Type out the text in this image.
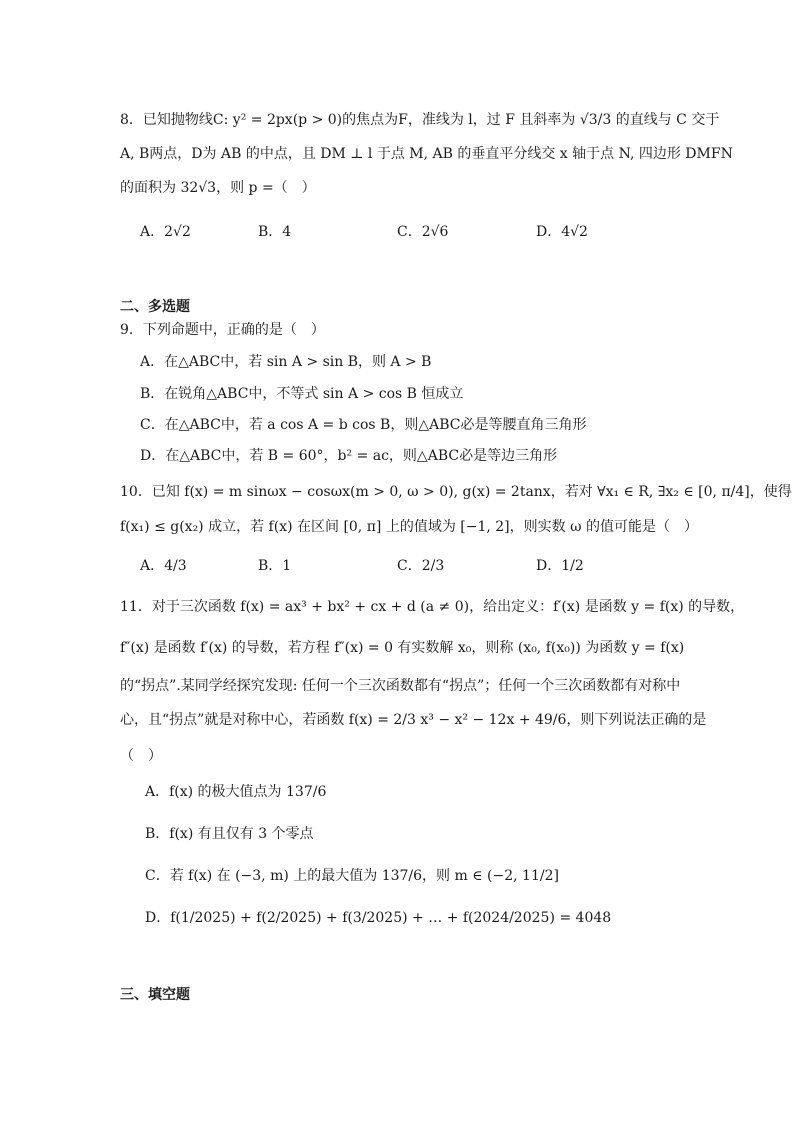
8．已知抛物线C: y² = 2px(p > 0)的焦点为F，准线为 l，过 F 且斜率为 √3/3 的直线与 C 交于
A, B两点，D为 AB 的中点，且 DM ⊥ l 于点 M, AB 的垂直平分线交 x 轴于点 N, 四边形 DMFN
的面积为 32√3，则 p =（　）
A．2√2	B．4	C．2√6	D．4√2
二、多选题
9．下列命题中，正确的是（　）
A．在△ABC中，若 sin A > sin B，则 A > B
B．在锐角△ABC中，不等式 sin A > cos B 恒成立
C．在△ABC中，若 a cos A = b cos B，则△ABC必是等腰直角三角形
D．在△ABC中，若 B = 60°，b² = ac，则△ABC必是等边三角形
10．已知 f(x) = m sinωx − cosωx(m > 0, ω > 0), g(x) = 2tanx，若对 ∀x₁ ∈ R, ∃x₂ ∈ [0, π/4]，使得
f(x₁) ≤ g(x₂) 成立，若 f(x) 在区间 [0, π] 上的值域为 [−1, 2]，则实数 ω 的值可能是（　）
A．4/3	B．1	C．2/3	D．1/2
11．对于三次函数 f(x) = ax³ + bx² + cx + d (a ≠ 0)，给出定义：f′(x) 是函数 y = f(x) 的导数，
f″(x) 是函数 f′(x) 的导数，若方程 f″(x) = 0 有实数解 x₀，则称 (x₀, f(x₀)) 为函数 y = f(x)
的“拐点”.某同学经探究发现: 任何一个三次函数都有“拐点”；任何一个三次函数都有对称中
心，且“拐点”就是对称中心，若函数 f(x) = 2/3 x³ − x² − 12x + 49/6，则下列说法正确的是
（　）
A．f(x) 的极大值点为 137/6
B．f(x) 有且仅有 3 个零点
C．若 f(x) 在 (−3, m) 上的最大值为 137/6，则 m ∈ (−2, 11/2]
D．f(1/2025) + f(2/2025) + f(3/2025) + … + f(2024/2025) = 4048
三、填空题
